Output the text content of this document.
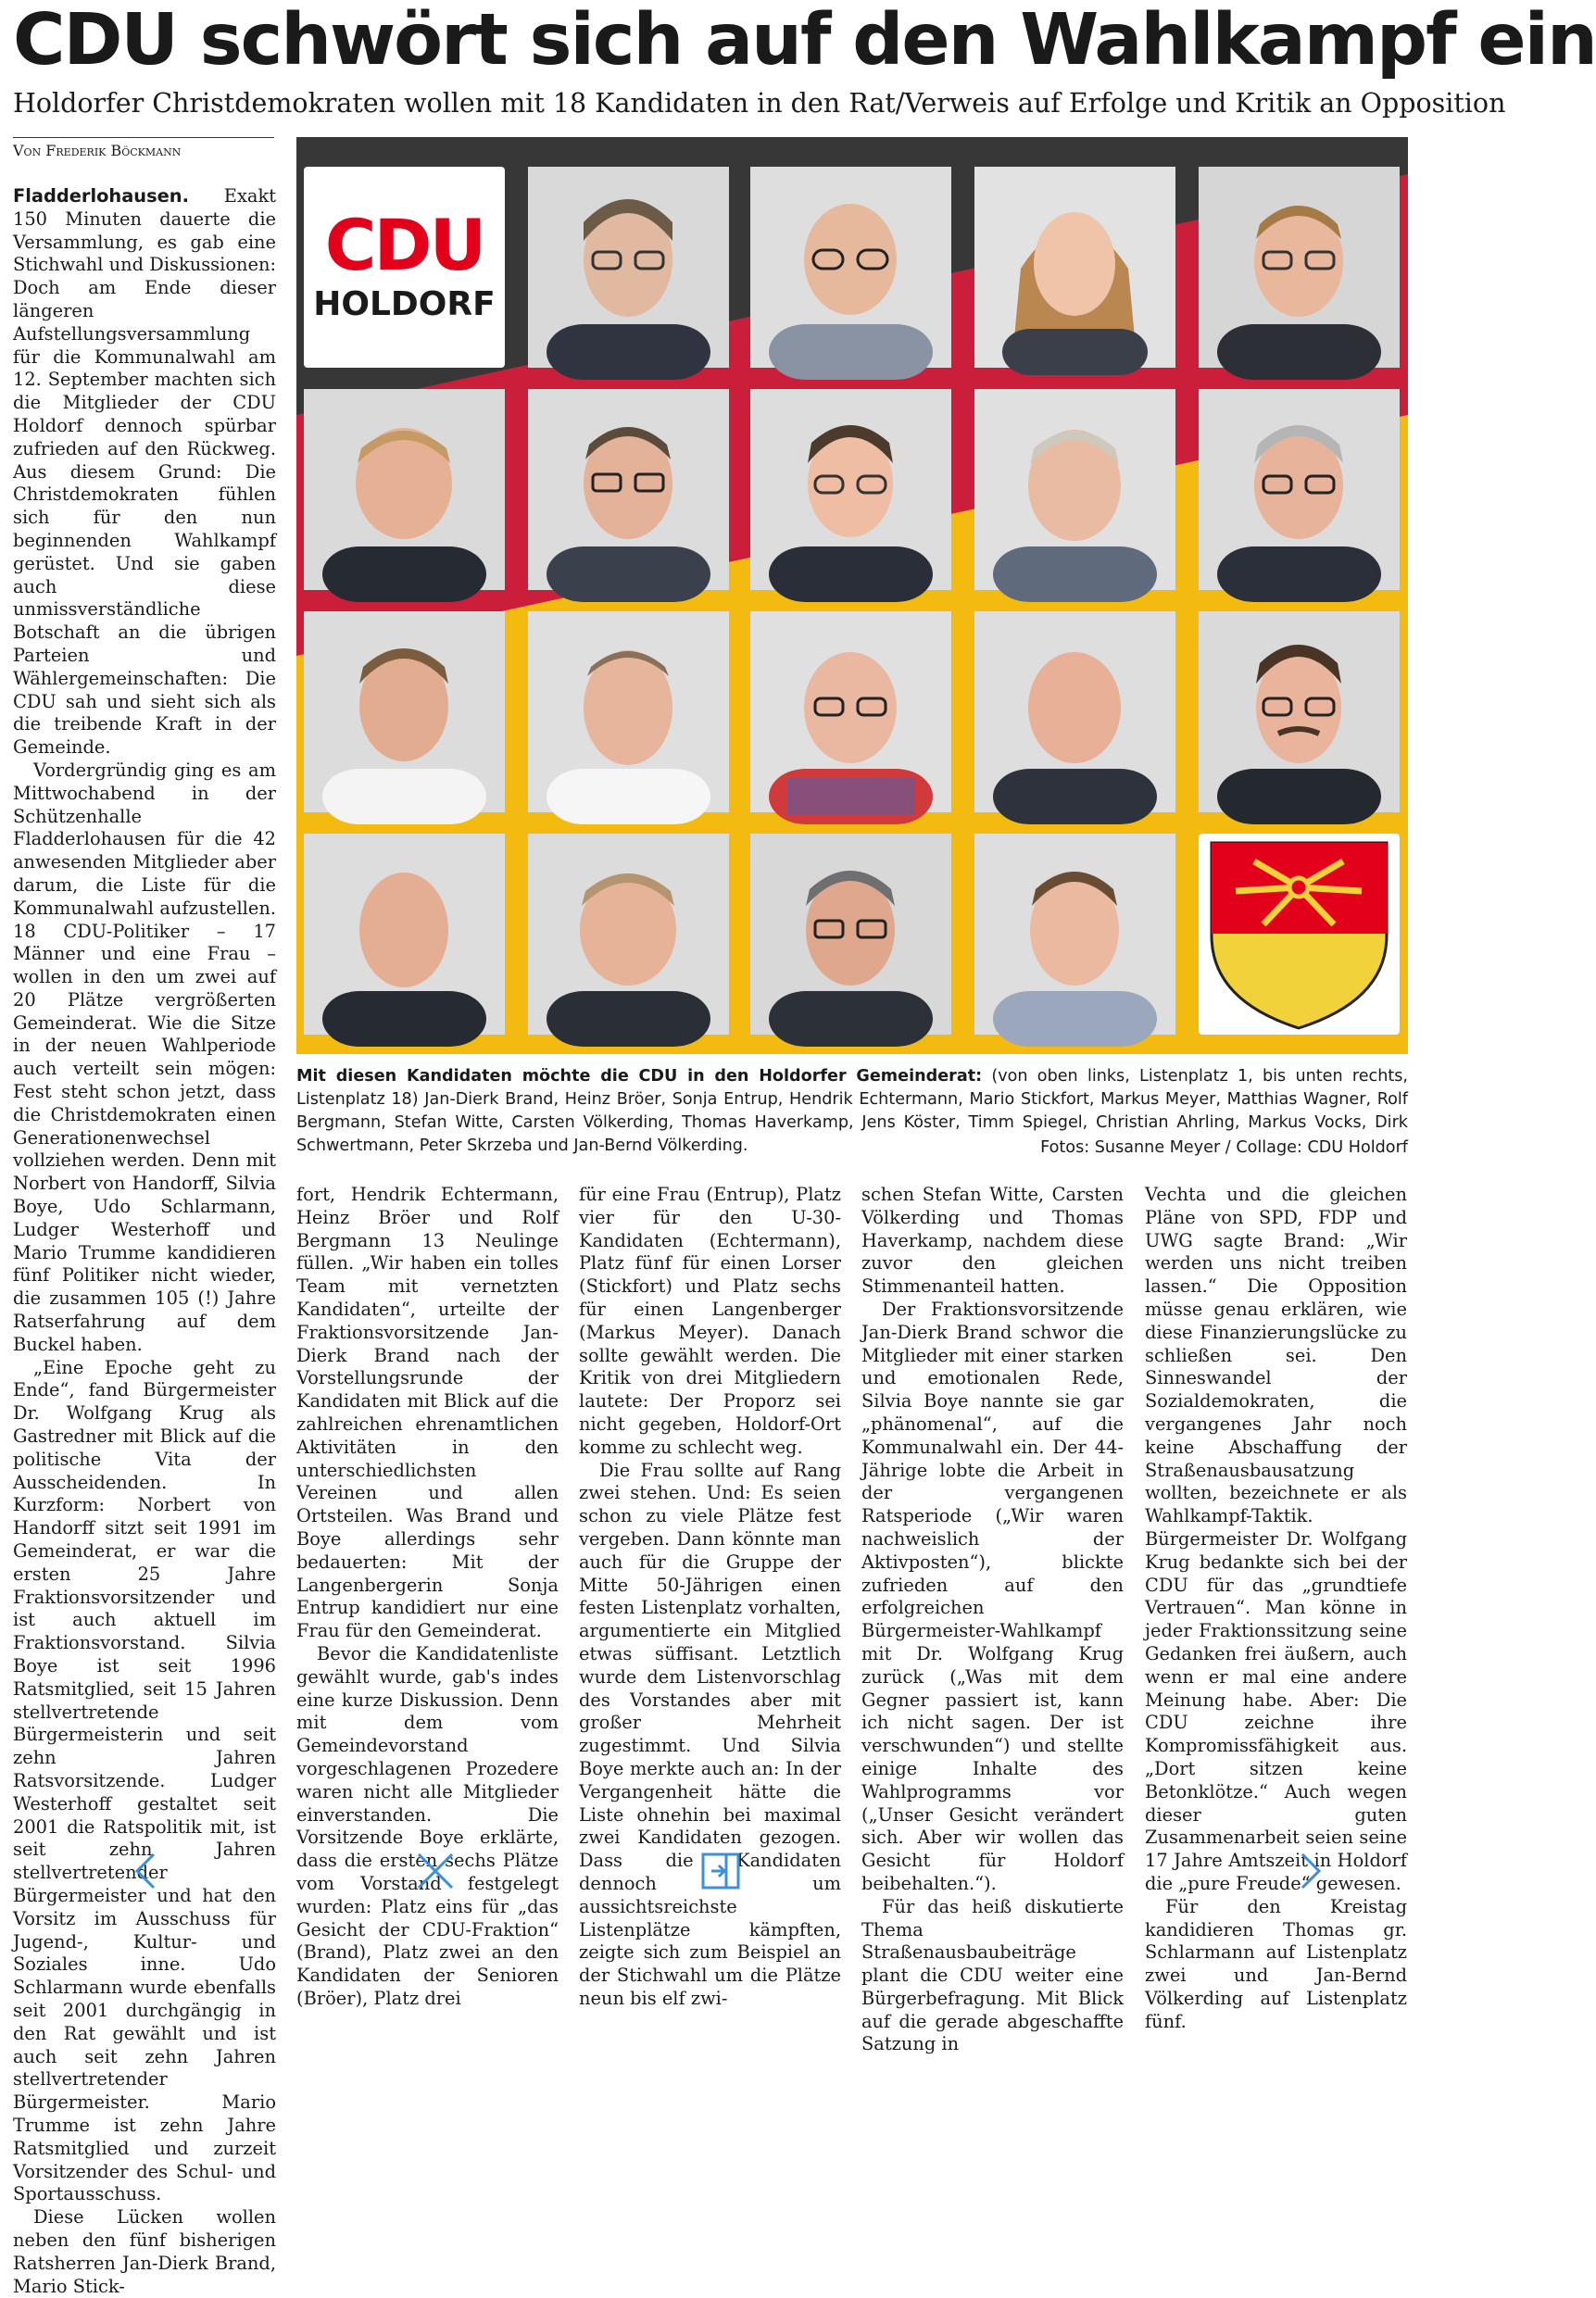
CDU schwört sich auf den Wahlkampf ein
Holdorfer Christdemokraten wollen mit 18 Kandidaten in den Rat/Verweis auf Erfolge und Kritik an Opposition
Von Frederik Böckmann

Fladderlohausen. Exakt 150 Minuten dauerte die Versammlung, es gab eine Stichwahl und Diskussionen: Doch am Ende dieser längeren Aufstellungsversammlung für die Kommunalwahl am 12. September machten sich die Mitglieder der CDU Holdorf dennoch spürbar zufrieden auf den Rückweg. Aus diesem Grund: Die Christdemokraten fühlen sich für den nun beginnenden Wahlkampf gerüstet. Und sie gaben auch diese unmissverständliche Botschaft an die übrigen Parteien und Wählergemeinschaften: Die CDU sah und sieht sich als die treibende Kraft in der Gemeinde.

Vordergründig ging es am Mittwochabend in der Schützenhalle Fladderlohausen für die 42 anwesenden Mitglieder aber darum, die Liste für die Kommunalwahl aufzustellen. 18 CDU-Politiker – 17 Männer und eine Frau – wollen in den um zwei auf 20 Plätze vergrößerten Gemeinderat. Wie die Sitze in der neuen Wahlperiode auch verteilt sein mögen: Fest steht schon jetzt, dass die Christdemokraten einen Generationenwechsel vollziehen werden. Denn mit Norbert von Handorff, Silvia Boye, Udo Schlarmann, Ludger Westerhoff und Mario Trumme kandidieren fünf Politiker nicht wieder, die zusammen 105 (!) Jahre Ratserfahrung auf dem Buckel haben.

„Eine Epoche geht zu Ende“, fand Bürgermeister Dr. Wolfgang Krug als Gastredner mit Blick auf die politische Vita der Ausscheidenden. In Kurzform: Norbert von Handorff sitzt seit 1991 im Gemeinderat, er war die ersten 25 Jahre Fraktionsvorsitzender und ist auch aktuell im Fraktionsvorstand. Silvia Boye ist seit 1996 Ratsmitglied, seit 15 Jahren stellvertretende Bürgermeisterin und seit zehn Jahren Ratsvorsitzende. Ludger Westerhoff gestaltet seit 2001 die Ratspolitik mit, ist seit zehn Jahren stellvertretender Bürgermeister und hat den Vorsitz im Ausschuss für Jugend-, Kultur- und Soziales inne. Udo Schlarmann wurde ebenfalls seit 2001 durchgängig in den Rat gewählt und ist auch seit zehn Jahren stellvertretender Bürgermeister. Mario Trumme ist zehn Jahre Ratsmitglied und zurzeit Vorsitzender des Schul- und Sportausschuss.

Diese Lücken wollen neben den fünf bisherigen Ratsherren Jan-Dierk Brand, Mario Stick-

CDU
HOLDORF
Mit diesen Kandidaten möchte die CDU in den Holdorfer Gemeinderat: (von oben links, Listenplatz 1, bis unten rechts, Listenplatz 18) Jan-Dierk Brand, Heinz Bröer, Sonja Entrup, Hendrik Echtermann, Mario Stickfort, Markus Meyer, Matthias Wagner, Rolf Bergmann, Stefan Witte, Carsten Völkerding, Thomas Haverkamp, Jens Köster, Timm Spiegel, Christian Ahrling, Markus Vocks, Dirk Schwertmann, Peter Skrzeba und Jan-Bernd Völkerding.	Fotos: Susanne Meyer / Collage: CDU Holdorf

fort, Hendrik Echtermann, Heinz Bröer und Rolf Bergmann 13 Neulinge füllen. „Wir haben ein tolles Team mit vernetzten Kandidaten“, urteilte der Fraktionsvorsitzende Jan-Dierk Brand nach der Vorstellungsrunde der Kandidaten mit Blick auf die zahlreichen ehrenamtlichen Aktivitäten in den unterschiedlichsten Vereinen und allen Ortsteilen. Was Brand und Boye allerdings sehr bedauerten: Mit der Langenbergerin Sonja Entrup kandidiert nur eine Frau für den Gemeinderat.

Bevor die Kandidatenliste gewählt wurde, gab's indes eine kurze Diskussion. Denn mit dem vom Gemeindevorstand vorgeschlagenen Prozedere waren nicht alle Mitglieder einverstanden. Die Vorsitzende Boye erklärte, dass die ersten sechs Plätze vom Vorstand festgelegt wurden: Platz eins für „das Gesicht der CDU-Fraktion“ (Brand), Platz zwei an den Kandidaten der Senioren (Bröer), Platz drei

für eine Frau (Entrup), Platz vier für den U-30-Kandidaten (Echtermann), Platz fünf für einen Lorser (Stickfort) und Platz sechs für einen Langenberger (Markus Meyer). Danach sollte gewählt werden. Die Kritik von drei Mitgliedern lautete: Der Proporz sei nicht gegeben, Holdorf-Ort komme zu schlecht weg.

Die Frau sollte auf Rang zwei stehen. Und: Es seien schon zu viele Plätze fest vergeben. Dann könnte man auch für die Gruppe der Mitte 50-Jährigen einen festen Listenplatz vorhalten, argumentierte ein Mitglied etwas süffisant. Letztlich wurde dem Listenvorschlag des Vorstandes aber mit großer Mehrheit zugestimmt. Und Silvia Boye merkte auch an: In der Vergangenheit hätte die Liste ohnehin bei maximal zwei Kandidaten gezogen. Dass die Kandidaten dennoch um aussichtsreichste Listenplätze kämpften, zeigte sich zum Beispiel an der Stichwahl um die Plätze neun bis elf zwi-

schen Stefan Witte, Carsten Völkerding und Thomas Haverkamp, nachdem diese zuvor den gleichen Stimmenanteil hatten.

Der Fraktionsvorsitzende Jan-Dierk Brand schwor die Mitglieder mit einer starken und emotionalen Rede, Silvia Boye nannte sie gar „phänomenal“, auf die Kommunalwahl ein. Der 44-Jährige lobte die Arbeit in der vergangenen Ratsperiode („Wir waren nachweislich der Aktivposten“), blickte zufrieden auf den erfolgreichen Bürgermeister-Wahlkampf mit Dr. Wolfgang Krug zurück („Was mit dem Gegner passiert ist, kann ich nicht sagen. Der ist verschwunden“) und stellte einige Inhalte des Wahlprogramms vor („Unser Gesicht verändert sich. Aber wir wollen das Gesicht für Holdorf beibehalten.“).

Für das heiß diskutierte Thema Straßenausbaubeiträge plant die CDU weiter eine Bürgerbefragung. Mit Blick auf die gerade abgeschaffte Satzung in

Vechta und die gleichen Pläne von SPD, FDP und UWG sagte Brand: „Wir werden uns nicht treiben lassen.“ Die Opposition müsse genau erklären, wie diese Finanzierungslücke zu schließen sei. Den Sinneswandel der Sozialdemokraten, die vergangenes Jahr noch keine Abschaffung der Straßenausbausatzung wollten, bezeichnete er als Wahlkampf-Taktik. Bürgermeister Dr. Wolfgang Krug bedankte sich bei der CDU für das „grundtiefe Vertrauen“. Man könne in jeder Fraktionssitzung seine Gedanken frei äußern, auch wenn er mal eine andere Meinung habe. Aber: Die CDU zeichne ihre Kompromissfähigkeit aus. „Dort sitzen keine Betonklötze.“ Auch wegen dieser guten Zusammenarbeit seien seine 17 Jahre Amtszeit in Holdorf die „pure Freude“ gewesen.

Für den Kreistag kandidieren Thomas gr. Schlarmann auf Listenplatz zwei und Jan-Bernd Völkerding auf Listenplatz fünf.
